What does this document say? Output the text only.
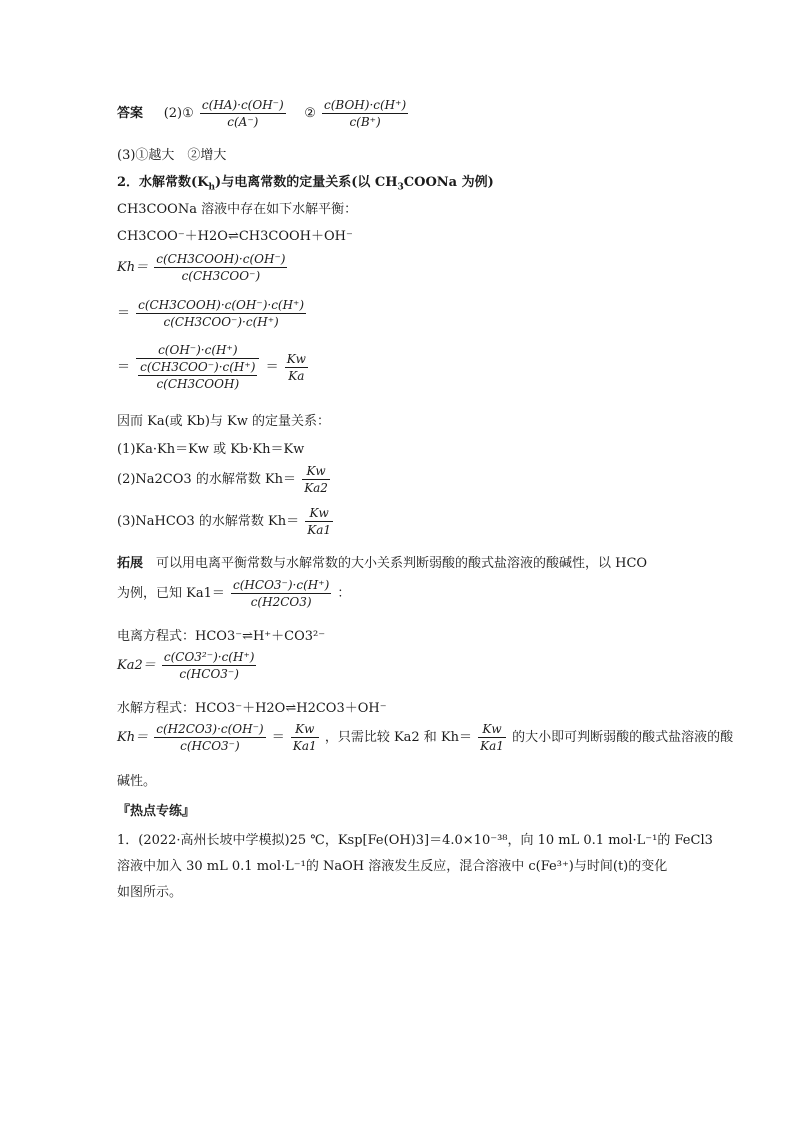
答案 (2)① $\frac{c(HA)\cdot c(OH^-)}{c(A^-)}$ ② $\frac{\text{c(BOH)·c(H⁺)}}{c(B^+)}$
(3)①越大　②增大
2．水解常数$(K_h)$与电离常数的定量关系(以 $CH_3COONa$ 为例)
CH3COONa 溶液中存在如下水解平衡：
CH3COO⁻＋H2O⇌CH3COOH＋OH⁻
$Kh= \frac{\text{c(CH3COOH)·c(OH⁻)}}{\text{c(CH3COO⁻)}}$
＝ $\frac{\text{c(CH3COOH)·c(OH⁻)·c(H⁺)}}{\text{c(CH3COO⁻)·c(H⁺)}}$
＝ c(OH⁻)·c(H⁺)
c(CH3COO⁻)·c(H⁺)
c(CH3COOH) ＝ $\frac{Kw}{Ka}$
因而 Ka(或 Kb)与 Kw 的定量关系：
(1)Ka·Kh＝Kw 或 Kb·Kh＝Kw
(2)Na2CO3 的水解常数 $Kh= \frac{Kw}{Ka2}$
(3)NaHCO3 的水解常数 $Kh= \frac{Kw}{Ka1}$
拓展　可以用电离平衡常数与水解常数的大小关系判断弱酸的酸式盐溶液的酸碱性，以 HCO
为例，已知 $Ka1= \frac{\text{c(HCO3⁻)·c(H⁺)}}{c(H2CO3)}$ ：
电离方程式：HCO3⁻⇌H⁺＋CO3²⁻
$Ka2= \frac{\text{c(CO3²⁻)·c(H⁺)}}{\text{c(HCO3⁻)}}$
水解方程式：HCO3⁻＋H2O⇌H2CO3＋OH⁻
$Kh= \frac{c(H2CO3)\cdot c(OH^-)}{\text{c(HCO3⁻)}} = \frac{Kw}{Ka1}$ ，只需比较 Ka2 和 $Kh= \frac{Kw}{Ka1}$ 的大小即可判断弱酸的酸式盐溶液的酸
碱性。
『热点专练』
1．(2022·高州长坡中学模拟)25 ℃，Ksp[Fe(OH)3]＝4.0×10⁻³⁸，向 10 mL 0.1 mol·L⁻¹的 FeCl3
溶液中加入 30 mL 0.1 mol·L⁻¹的 NaOH 溶液发生反应，混合溶液中 c(Fe³⁺)与时间(t)的变化
如图所示。
